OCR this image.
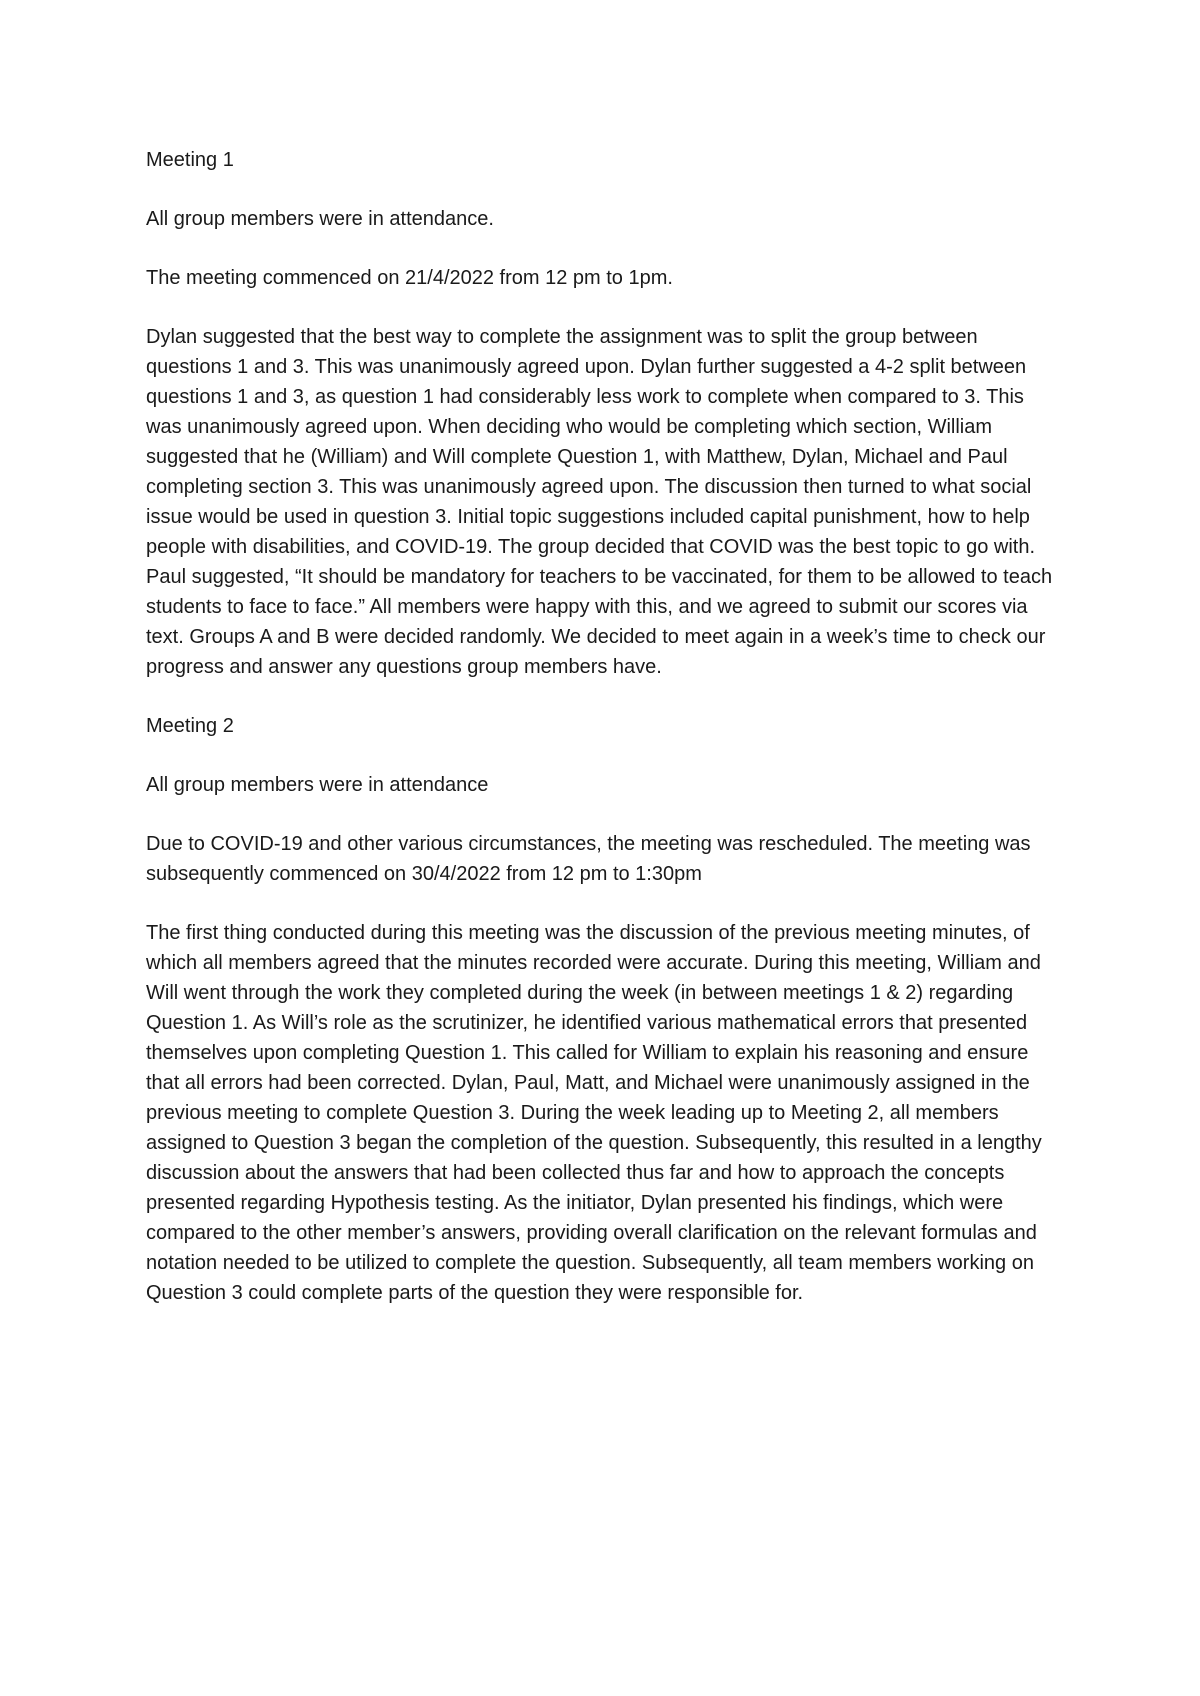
Meeting 1

All group members were in attendance.

The meeting commenced on 21/4/2022 from 12 pm to 1pm.

Dylan suggested that the best way to complete the assignment was to split the group between questions 1 and 3. This was unanimously agreed upon. Dylan further suggested a 4-2 split between questions 1 and 3, as question 1 had considerably less work to complete when compared to 3. This was unanimously agreed upon. When deciding who would be completing which section, William suggested that he (William) and Will complete Question 1, with Matthew, Dylan, Michael and Paul completing section 3. This was unanimously agreed upon. The discussion then turned to what social issue would be used in question 3. Initial topic suggestions included capital punishment, how to help people with disabilities, and COVID-19. The group decided that COVID was the best topic to go with. Paul suggested, “It should be mandatory for teachers to be vaccinated, for them to be allowed to teach students to face to face.” All members were happy with this, and we agreed to submit our scores via text. Groups A and B were decided randomly. We decided to meet again in a week’s time to check our progress and answer any questions group members have.

Meeting 2

All group members were in attendance

Due to COVID-19 and other various circumstances, the meeting was rescheduled. The meeting was subsequently commenced on 30/4/2022 from 12 pm to 1:30pm

The first thing conducted during this meeting was the discussion of the previous meeting minutes, of which all members agreed that the minutes recorded were accurate. During this meeting, William and Will went through the work they completed during the week (in between meetings 1 & 2) regarding Question 1. As Will’s role as the scrutinizer, he identified various mathematical errors that presented themselves upon completing Question 1. This called for William to explain his reasoning and ensure that all errors had been corrected. Dylan, Paul, Matt, and Michael were unanimously assigned in the previous meeting to complete Question 3. During the week leading up to Meeting 2, all members assigned to Question 3 began the completion of the question. Subsequently, this resulted in a lengthy discussion about the answers that had been collected thus far and how to approach the concepts presented regarding Hypothesis testing. As the initiator, Dylan presented his findings, which were compared to the other member’s answers, providing overall clarification on the relevant formulas and notation needed to be utilized to complete the question. Subsequently, all team members working on Question 3 could complete parts of the question they were responsible for.
